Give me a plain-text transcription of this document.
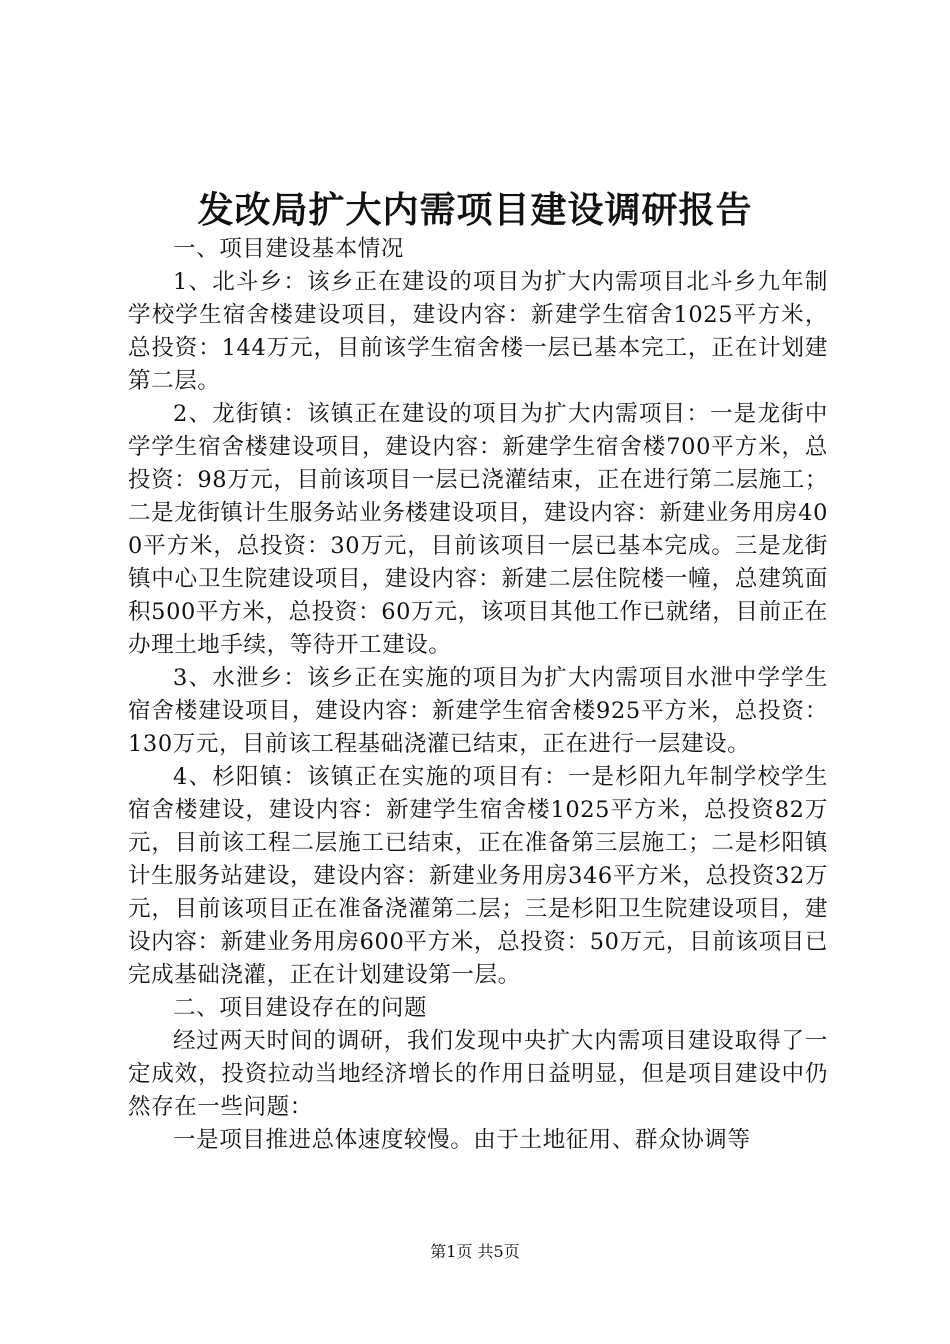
发改局扩大内需项目建设调研报告

一、项目建设基本情况

1、北斗乡：该乡正在建设的项目为扩大内需项目北斗乡九年制学校学生宿舍楼建设项目，建设内容：新建学生宿舍1025平方米，总投资：144万元，目前该学生宿舍楼一层已基本完工，正在计划建第二层。

2、龙街镇：该镇正在建设的项目为扩大内需项目：一是龙街中学学生宿舍楼建设项目，建设内容：新建学生宿舍楼700平方米，总投资：98万元，目前该项目一层已浇灌结束，正在进行第二层施工；二是龙街镇计生服务站业务楼建设项目，建设内容：新建业务用房400平方米，总投资：30万元，目前该项目一层已基本完成。三是龙街镇中心卫生院建设项目，建设内容：新建二层住院楼一幢，总建筑面积500平方米，总投资：60万元，该项目其他工作已就绪，目前正在办理土地手续，等待开工建设。

3、水泄乡：该乡正在实施的项目为扩大内需项目水泄中学学生宿舍楼建设项目，建设内容：新建学生宿舍楼925平方米，总投资：130万元，目前该工程基础浇灌已结束，正在进行一层建设。

4、杉阳镇：该镇正在实施的项目有：一是杉阳九年制学校学生宿舍楼建设，建设内容：新建学生宿舍楼1025平方米，总投资82万元，目前该工程二层施工已结束，正在准备第三层施工；二是杉阳镇计生服务站建设，建设内容：新建业务用房346平方米，总投资32万元，目前该项目正在准备浇灌第二层；三是杉阳卫生院建设项目，建设内容：新建业务用房600平方米，总投资：50万元，目前该项目已完成基础浇灌，正在计划建设第一层。

二、项目建设存在的问题

经过两天时间的调研，我们发现中央扩大内需项目建设取得了一定成效，投资拉动当地经济增长的作用日益明显，但是项目建设中仍然存在一些问题：

一是项目推进总体速度较慢。由于土地征用、群众协调等

第1页 共5页
